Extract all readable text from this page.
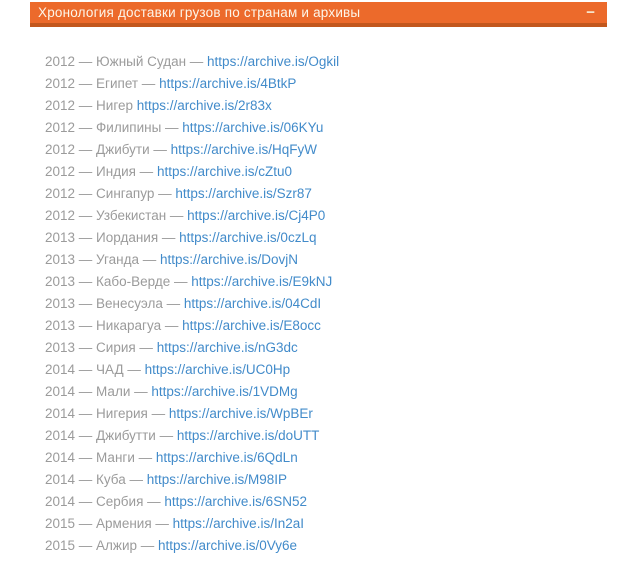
Хронология доставки грузов по странам и архивы	−
2012 — Южный Судан — https://archive.is/Ogkil
2012 — Египет — https://archive.is/4BtkP
2012 — Нигер https://archive.is/2r83x
2012 — Филипины — https://archive.is/06KYu
2012 — Джибути — https://archive.is/HqFyW
2012 — Индия — https://archive.is/cZtu0
2012 — Сингапур — https://archive.is/Szr87
2012 — Узбекистан — https://archive.is/Cj4P0
2013 — Иордания — https://archive.is/0czLq
2013 — Уганда — https://archive.is/DovjN
2013 — Кабо-Верде — https://archive.is/E9kNJ
2013 — Венесуэла — https://archive.is/04CdI
2013 — Никарагуа — https://archive.is/E8occ
2013 — Сирия — https://archive.is/nG3dc
2014 — ЧАД — https://archive.is/UC0Hp
2014 — Мали — https://archive.is/1VDMg
2014 — Нигерия — https://archive.is/WpBEr
2014 — Джибутти — https://archive.is/doUTT
2014 — Манги — https://archive.is/6QdLn
2014 — Куба — https://archive.is/M98IP
2014 — Сербия — https://archive.is/6SN52
2015 — Армения — https://archive.is/In2aI
2015 — Алжир — https://archive.is/0Vy6e
